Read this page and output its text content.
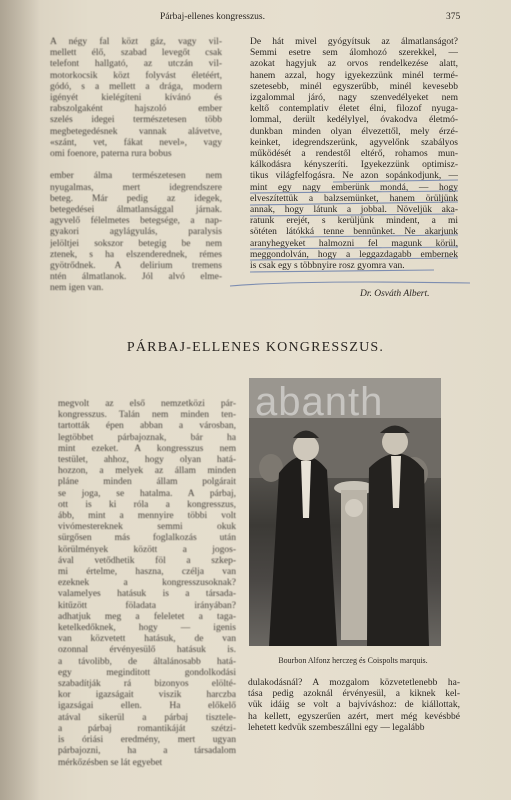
Párbaj-ellenes kongresszus.	375
A négy fal közt gáz, vagy vil-
mellett élő, szabad levegőt csak
telefont hallgató, az utczán vil-
motorkocsik közt folyvást életéért,
gódó, s a mellett a drága, modern
igényét kielégíteni kívánó és
rabszolgaként hajszoló ember
szelés idegei természetesen több
megbetegedésnek vannak alávetve,
«szánt, vet, fákat nevel», vagy
omi foenore, paterna rura bobus

ember álma természetesen nem
nyugalmas, mert idegrendszere
beteg. Már pedig az idegek,
betegedései álmatlansággal járnak.
agyvelő félelmetes betegsége, a nap-
gyakori agylágyulás, paralysis
jelöltjei sokszor betegig be nem
ztenek, s ha elszenderednek, rémes
gyötrődnek. A delirium tremens
ntén álmatlanok. Jól alvó elme-
nem igen van.
De hát mivel gyógyítsuk az álmatlanságot?
Semmi esetre sem álomhozó szerekkel, —
azokat hagyjuk az orvos rendelkezése alatt,
hanem azzal, hogy igyekezzünk minél termé-
szetesebb, minél egyszerűbb, minél kevesebb
izgalommal járó, nagy szenvedélyeket nem
keltő contemplativ életet élni, filozof nyuga-
lommal, derült kedélylyel, óvakodva életmó-
dunkban minden olyan élvezettől, mely érzé-
keinket, idegrendszerünk, agyvelőnk szabályos
működését a rendestől eltérő, rohamos mun-
kálkodásra kényszeríti. Igyekezzünk optimisz-
tikus világfelfogásra. Ne azon sopánkodjunk, —
mint egy nagy emberünk mondá, — hogy
elveszítettük a balzsemünket, hanem örüljünk
annak, hogy látunk a jobbal. Növeljük aka-
ratunk erejét, s kerüljünk mindent, a mi
sötéten látókká tenne bennünket. Ne akarjunk
aranyhegyeket halmozni fel magunk körül,
meggondolván, hogy a leggazdagabb embernek
is csak egy s többnyire rosz gyomra van.
Dr. Osváth Albert.
PÁRBAJ-ELLENES KONGRESSZUS.
megvolt az első nemzetközi pár-
kongresszus. Talán nem minden ten-
tartották épen abban a városban,
legtöbbet párbajoznak, bár ha
mint ezeket. A kongresszus nem
testület, ahhoz, hogy olyan hatá-
hozzon, a melyek az állam minden
pláne minden állam polgárait
se joga, se hatalma. A párbaj,
ott is ki róla a kongresszus,
ább, mint a mennyire többi volt
vivómestereknek semmi okuk
sürgősen más foglalkozás után
körülmények között a jogos-
ával vetődhetik föl a szkep-
mi értelme, haszna, czélja van
ezeknek a kongresszusoknak?
valamelyes hatásuk is a társada-
kitűzött föladata irányában?
adhatjuk meg a feleletet a taga-
ketelkedőknek, hogy — igenis
van közvetett hatásuk, de van
ozonnal érvényesülő hatásuk is.
a távolibb, de általánosabb hatá-
egy meginditott gondolkodási
szabadítják rá bizonyos elölté-
kor igazságait viszik harczba
igazságai ellen. Ha előkelő
atával sikerül a párbaj tisztele-
a párbaj romantikáját szétzi-
is óriási eredmény, mert ugyan
párbajozni, ha a társadalom
mérkőzésben se lát egyebet
abanth
Bourbon Alfonz herczeg és Coispolts marquis.
dulakodásnál? A mozgalom közvetetlenebb ha-
tása pedig azoknál érvényesül, a kiknek kel-
vük idáig se volt a bajvíváshoz: de kiállottak,
ha kellett, egyszerűen azért, mert még kevésbbé
lehetett kedvük szembeszállni egy — legalább
